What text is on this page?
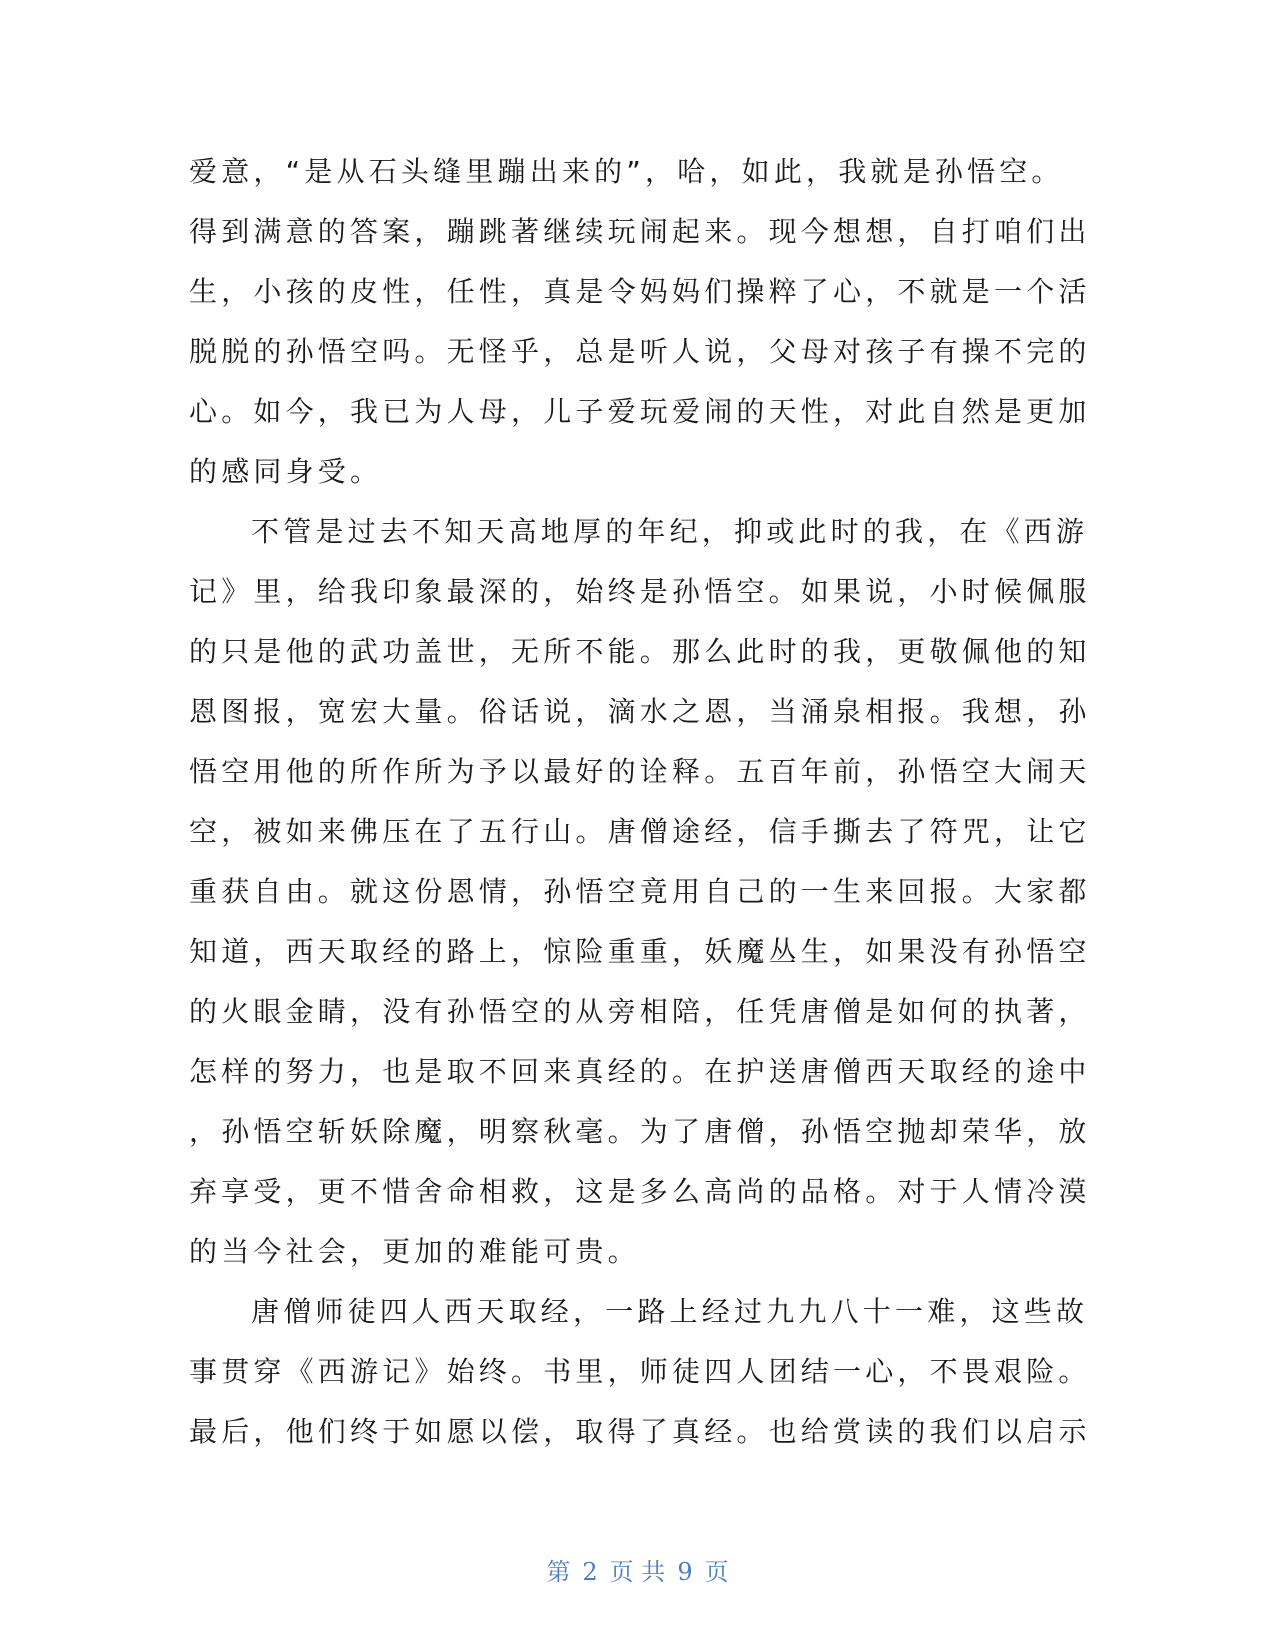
爱意，“是从石头缝里蹦出来的”，哈，如此，我就是孙悟空。
得到满意的答案，蹦跳著继续玩闹起来。现今想想，自打咱们出
生，小孩的皮性，任性，真是令妈妈们操粹了心，不就是一个活
脱脱的孙悟空吗。无怪乎，总是听人说，父母对孩子有操不完的
心。如今，我已为人母，儿子爱玩爱闹的天性，对此自然是更加
的感同身受。
不管是过去不知天高地厚的年纪，抑或此时的我，在《西游
记》里，给我印象最深的，始终是孙悟空。如果说，小时候佩服
的只是他的武功盖世，无所不能。那么此时的我，更敬佩他的知
恩图报，宽宏大量。俗话说，滴水之恩，当涌泉相报。我想，孙
悟空用他的所作所为予以最好的诠释。五百年前，孙悟空大闹天
空，被如来佛压在了五行山。唐僧途经，信手撕去了符咒，让它
重获自由。就这份恩情，孙悟空竟用自己的一生来回报。大家都
知道，西天取经的路上，惊险重重，妖魔丛生，如果没有孙悟空
的火眼金睛，没有孙悟空的从旁相陪，任凭唐僧是如何的执著，
怎样的努力，也是取不回来真经的。在护送唐僧西天取经的途中
，孙悟空斩妖除魔，明察秋毫。为了唐僧，孙悟空抛却荣华，放
弃享受，更不惜舍命相救，这是多么高尚的品格。对于人情冷漠
的当今社会，更加的难能可贵。
唐僧师徒四人西天取经，一路上经过九九八十一难，这些故
事贯穿《西游记》始终。书里，师徒四人团结一心，不畏艰险。
最后，他们终于如愿以偿，取得了真经。也给赏读的我们以启示
第 2 页 共 9 页
